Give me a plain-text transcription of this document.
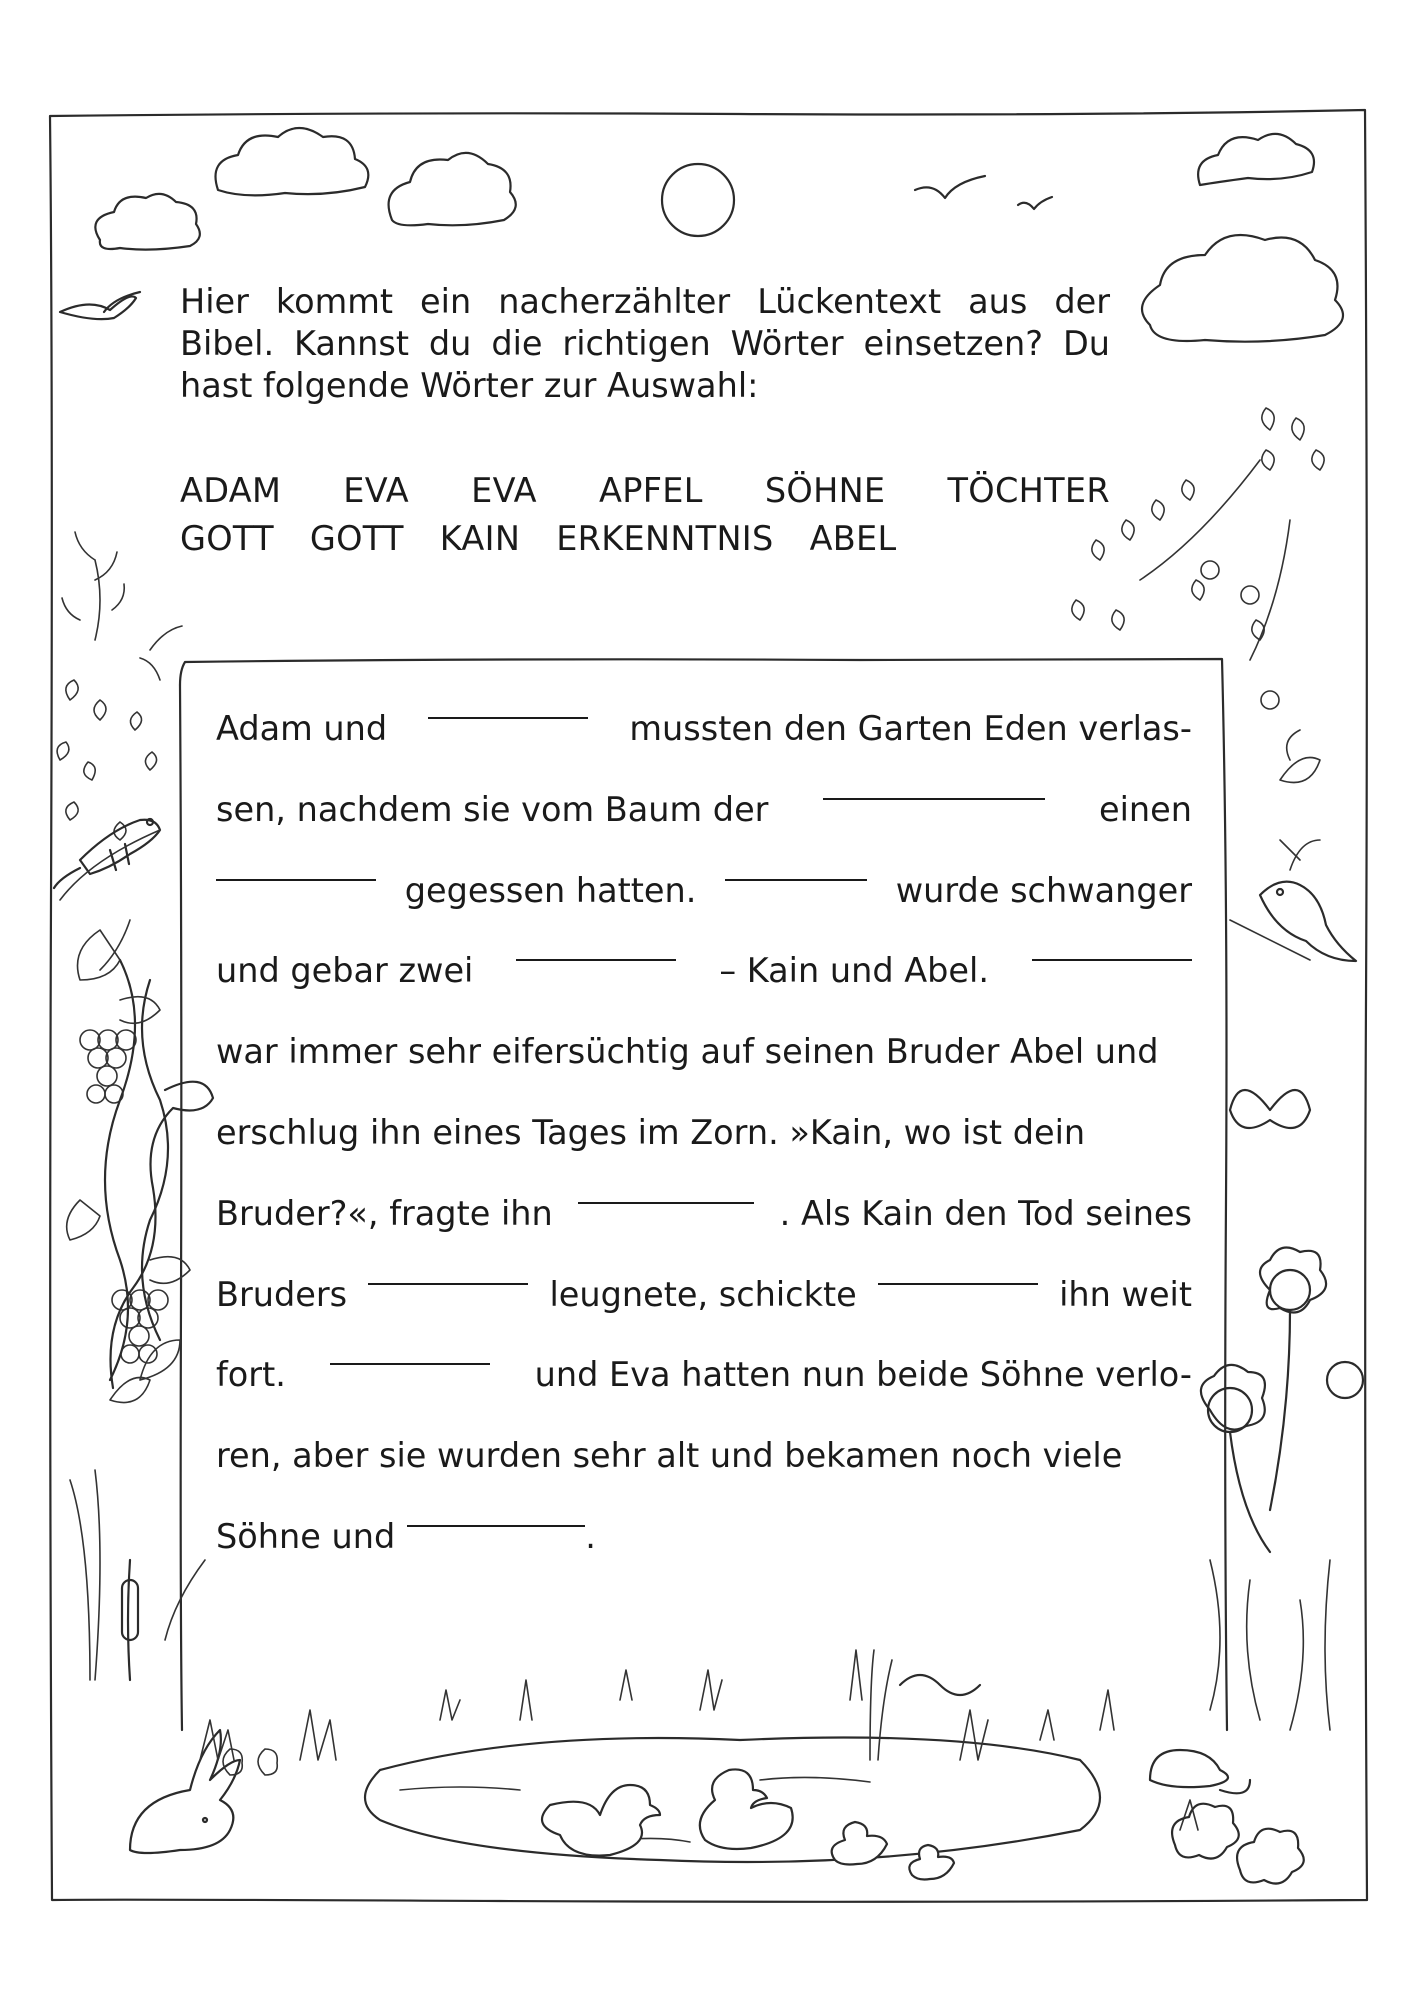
Hier kommt ein nacherzählter Lückentext aus der Bibel. Kannst du die richtigen Wörter einsetzen? Du hast folgende Wörter zur Auswahl:
ADAM EVA EVA APFEL SÖHNE TÖCHTER
GOTT GOTT KAIN ERKENNTNIS ABEL
Adam und	mussten den Garten Eden verlas-
sen, nachdem sie vom Baum der	einen
gegessen hatten.	wurde schwanger
und gebar zwei	– Kain und Abel.
war immer sehr eifersüchtig auf seinen Bruder Abel und
erschlug ihn eines Tages im Zorn. »Kain, wo ist dein
Bruder?«, fragte ihn	. Als Kain den Tod seines
Bruders	leugnete, schickte	ihn weit
fort.	und Eva hatten nun beide Söhne verlo-
ren, aber sie wurden sehr alt und bekamen noch viele
Söhne und	.
